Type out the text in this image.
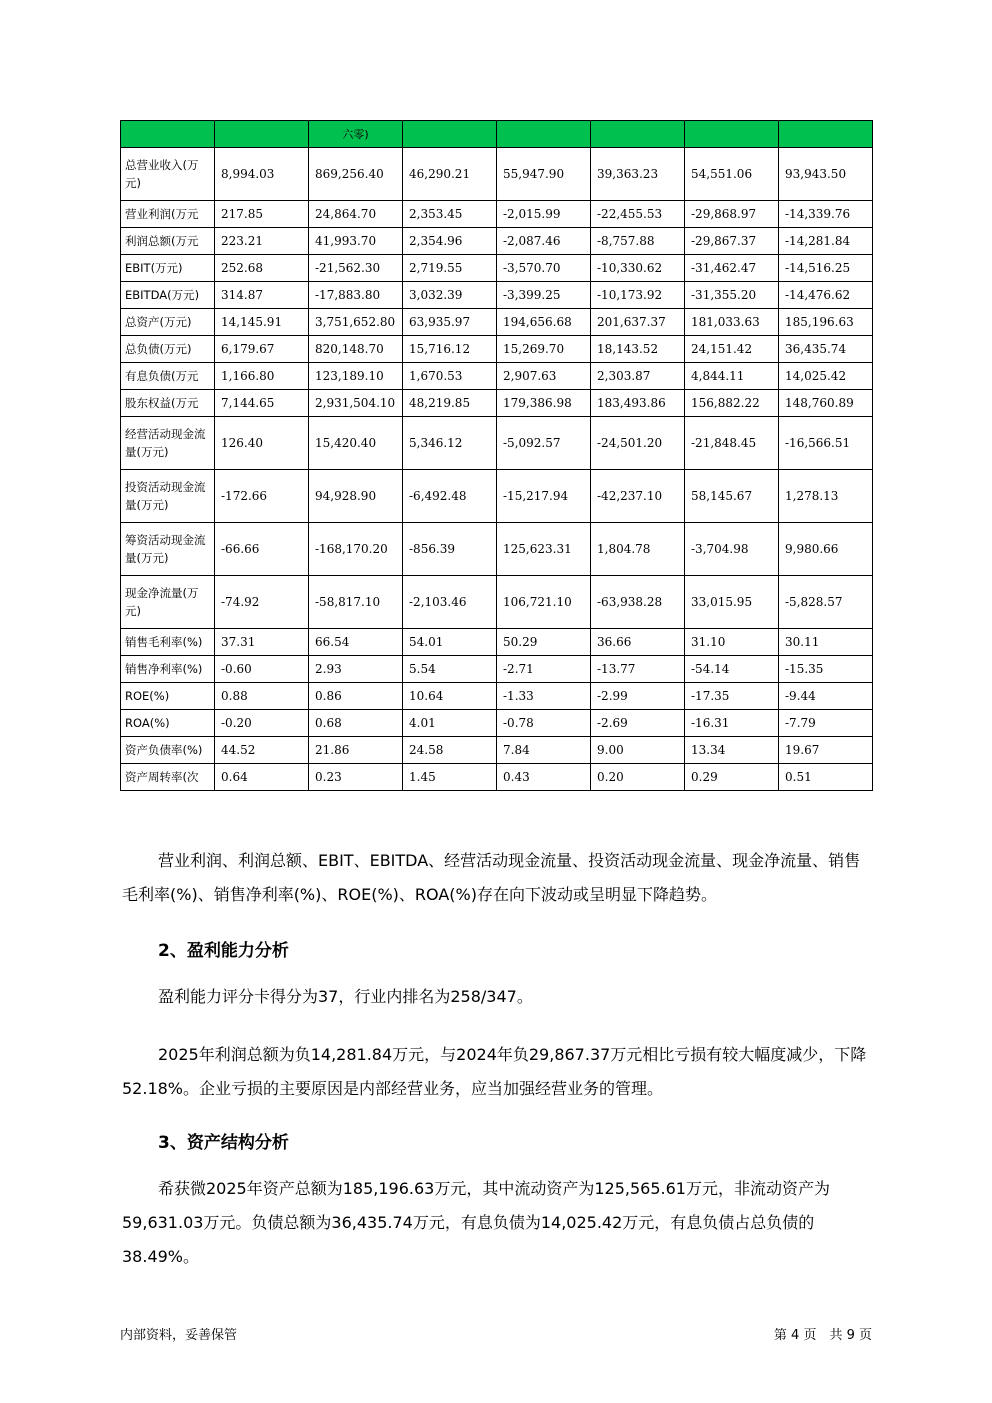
		六零)					
总营业收入(万元)	8,994.03	869,256.40	46,290.21	55,947.90	39,363.23	54,551.06	93,943.50
营业利润(万元	217.85	24,864.70	2,353.45	-2,015.99	-22,455.53	-29,868.97	-14,339.76
利润总额(万元	223.21	41,993.70	2,354.96	-2,087.46	-8,757.88	-29,867.37	-14,281.84
EBIT(万元)	252.68	-21,562.30	2,719.55	-3,570.70	-10,330.62	-31,462.47	-14,516.25
EBITDA(万元)	314.87	-17,883.80	3,032.39	-3,399.25	-10,173.92	-31,355.20	-14,476.62
总资产(万元)	14,145.91	3,751,652.80	63,935.97	194,656.68	201,637.37	181,033.63	185,196.63
总负债(万元)	6,179.67	820,148.70	15,716.12	15,269.70	18,143.52	24,151.42	36,435.74
有息负债(万元	1,166.80	123,189.10	1,670.53	2,907.63	2,303.87	4,844.11	14,025.42
股东权益(万元	7,144.65	2,931,504.10	48,219.85	179,386.98	183,493.86	156,882.22	148,760.89
经营活动现金流量(万元)	126.40	15,420.40	5,346.12	-5,092.57	-24,501.20	-21,848.45	-16,566.51
投资活动现金流量(万元)	-172.66	94,928.90	-6,492.48	-15,217.94	-42,237.10	58,145.67	1,278.13
筹资活动现金流量(万元)	-66.66	-168,170.20	-856.39	125,623.31	1,804.78	-3,704.98	9,980.66
现金净流量(万元)	-74.92	-58,817.10	-2,103.46	106,721.10	-63,938.28	33,015.95	-5,828.57
销售毛利率(%)	37.31	66.54	54.01	50.29	36.66	31.10	30.11
销售净利率(%)	-0.60	2.93	5.54	-2.71	-13.77	-54.14	-15.35
ROE(%)	0.88	0.86	10.64	-1.33	-2.99	-17.35	-9.44
ROA(%)	-0.20	0.68	4.01	-0.78	-2.69	-16.31	-7.79
资产负债率(%)	44.52	21.86	24.58	7.84	9.00	13.34	19.67
资产周转率(次	0.64	0.23	1.45	0.43	0.20	0.29	0.51

营业利润、利润总额、EBIT、EBITDA、经营活动现金流量、投资活动现金流量、现金净流量、销售毛利率(%)、销售净利率(%)、ROE(%)、ROA(%)存在向下波动或呈明显下降趋势。

2、盈利能力分析

盈利能力评分卡得分为37，行业内排名为258/347。

2025年利润总额为负14,281.84万元，与2024年负29,867.37万元相比亏损有较大幅度减少，下降52.18%。企业亏损的主要原因是内部经营业务，应当加强经营业务的管理。

3、资产结构分析

希获微2025年资产总额为185,196.63万元，其中流动资产为125,565.61万元，非流动资产为59,631.03万元。负债总额为36,435.74万元，有息负债为14,025.42万元，有息负债占总负债的38.49%。

内部资料，妥善保管	第 4 页　共 9 页
